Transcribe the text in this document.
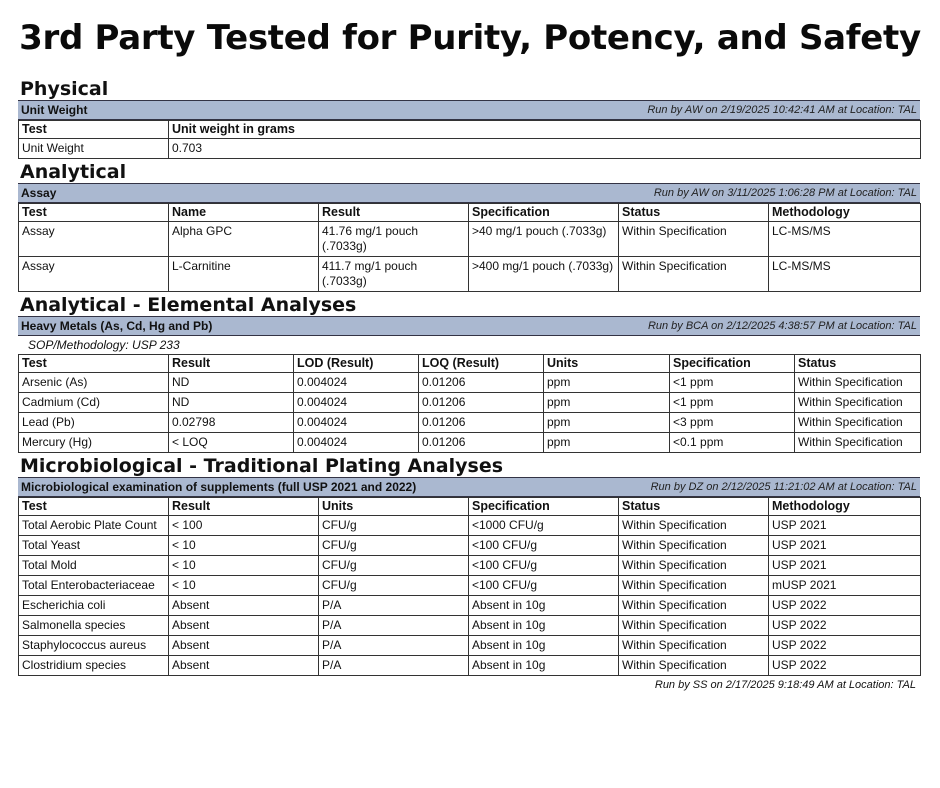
3rd Party Tested for Purity, Potency, and Safety
Physical
Unit Weight	Run by AW on 2/19/2025 10:42:41 AM at Location: TAL
Test	Unit weight in grams
Unit Weight	0.703
Analytical
Assay	Run by AW on 3/11/2025 1:06:28 PM at Location: TAL
Test	Name	Result	Specification	Status	Methodology
Assay	Alpha GPC	41.76 mg/1 pouch (.7033g)	>40 mg/1 pouch (.7033g)	Within Specification	LC-MS/MS
Assay	L-Carnitine	411.7 mg/1 pouch (.7033g)	>400 mg/1 pouch (.7033g)	Within Specification	LC-MS/MS
Analytical - Elemental Analyses
Heavy Metals (As, Cd, Hg and Pb)	Run by BCA on 2/12/2025 4:38:57 PM at Location: TAL
SOP/Methodology: USP 233
Test	Result	LOD (Result)	LOQ (Result)	Units	Specification	Status
Arsenic (As)	ND	0.004024	0.01206	ppm	<1 ppm	Within Specification
Cadmium (Cd)	ND	0.004024	0.01206	ppm	<1 ppm	Within Specification
Lead (Pb)	0.02798	0.004024	0.01206	ppm	<3 ppm	Within Specification
Mercury (Hg)	< LOQ	0.004024	0.01206	ppm	<0.1 ppm	Within Specification
Microbiological - Traditional Plating Analyses
Microbiological examination of supplements (full USP 2021 and 2022)	Run by DZ on 2/12/2025 11:21:02 AM at Location: TAL
Test	Result	Units	Specification	Status	Methodology
Total Aerobic Plate Count	< 100	CFU/g	<1000 CFU/g	Within Specification	USP 2021
Total Yeast	< 10	CFU/g	<100 CFU/g	Within Specification	USP 2021
Total Mold	< 10	CFU/g	<100 CFU/g	Within Specification	USP 2021
Total Enterobacteriaceae	< 10	CFU/g	<100 CFU/g	Within Specification	mUSP 2021
Escherichia coli	Absent	P/A	Absent in 10g	Within Specification	USP 2022
Salmonella species	Absent	P/A	Absent in 10g	Within Specification	USP 2022
Staphylococcus aureus	Absent	P/A	Absent in 10g	Within Specification	USP 2022
Clostridium species	Absent	P/A	Absent in 10g	Within Specification	USP 2022
Run by SS on 2/17/2025 9:18:49 AM at Location: TAL
